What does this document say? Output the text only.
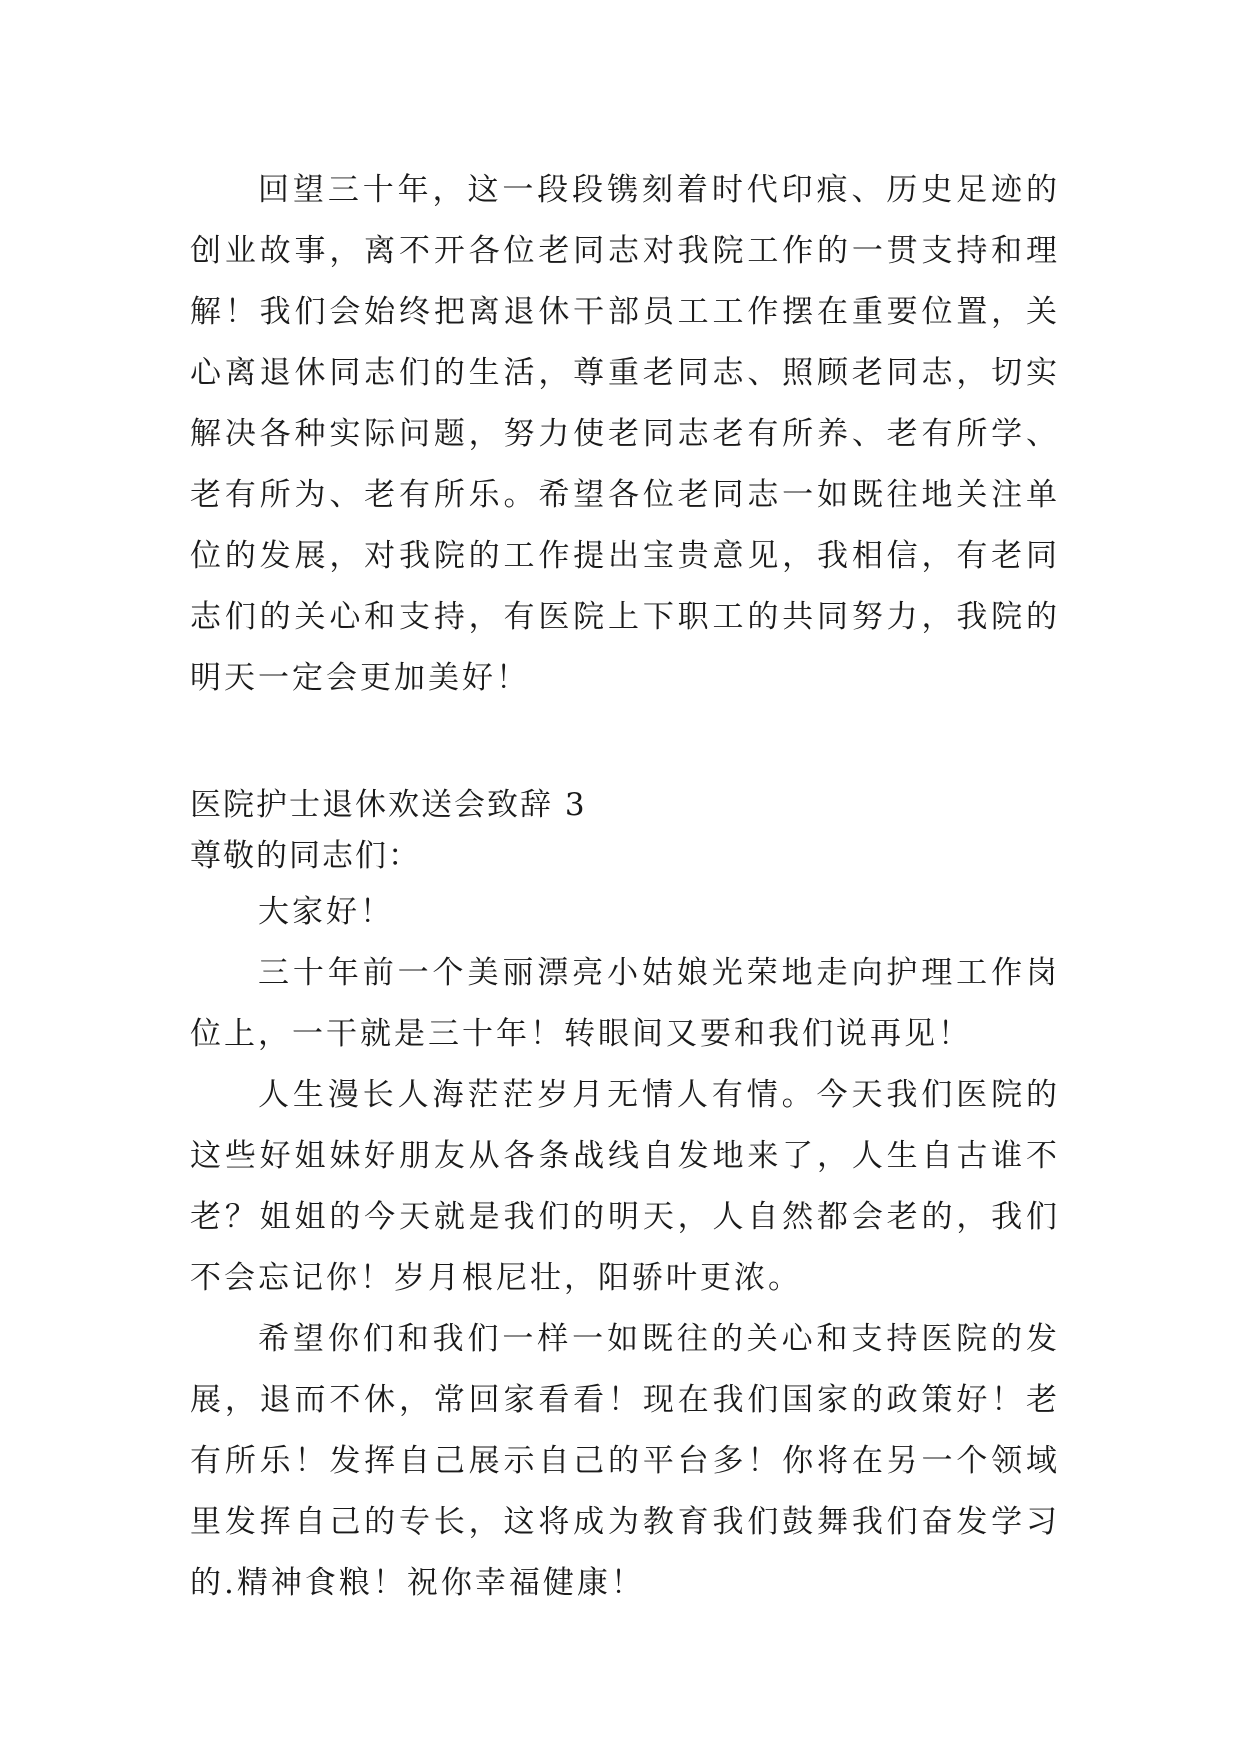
回望三十年，这一段段镌刻着时代印痕、历史足迹的创业故事，离不开各位老同志对我院工作的一贯支持和理解！我们会始终把离退休干部员工工作摆在重要位置，关心离退休同志们的生活，尊重老同志、照顾老同志，切实解决各种实际问题，努力使老同志老有所养、老有所学、老有所为、老有所乐。希望各位老同志一如既往地关注单位的发展，对我院的工作提出宝贵意见，我相信，有老同志们的关心和支持，有医院上下职工的共同努力，我院的明天一定会更加美好！

医院护士退休欢送会致辞 3

尊敬的同志们：

大家好！

三十年前一个美丽漂亮小姑娘光荣地走向护理工作岗位上，一干就是三十年！转眼间又要和我们说再见！

人生漫长人海茫茫岁月无情人有情。今天我们医院的这些好姐妹好朋友从各条战线自发地来了，人生自古谁不老？姐姐的今天就是我们的明天，人自然都会老的，我们不会忘记你！岁月根尼壮，阳骄叶更浓。

希望你们和我们一样一如既往的关心和支持医院的发展，退而不休，常回家看看！现在我们国家的政策好！老有所乐！发挥自己展示自己的平台多！你将在另一个领域里发挥自己的专长，这将成为教育我们鼓舞我们奋发学习的.精神食粮！祝你幸福健康！
